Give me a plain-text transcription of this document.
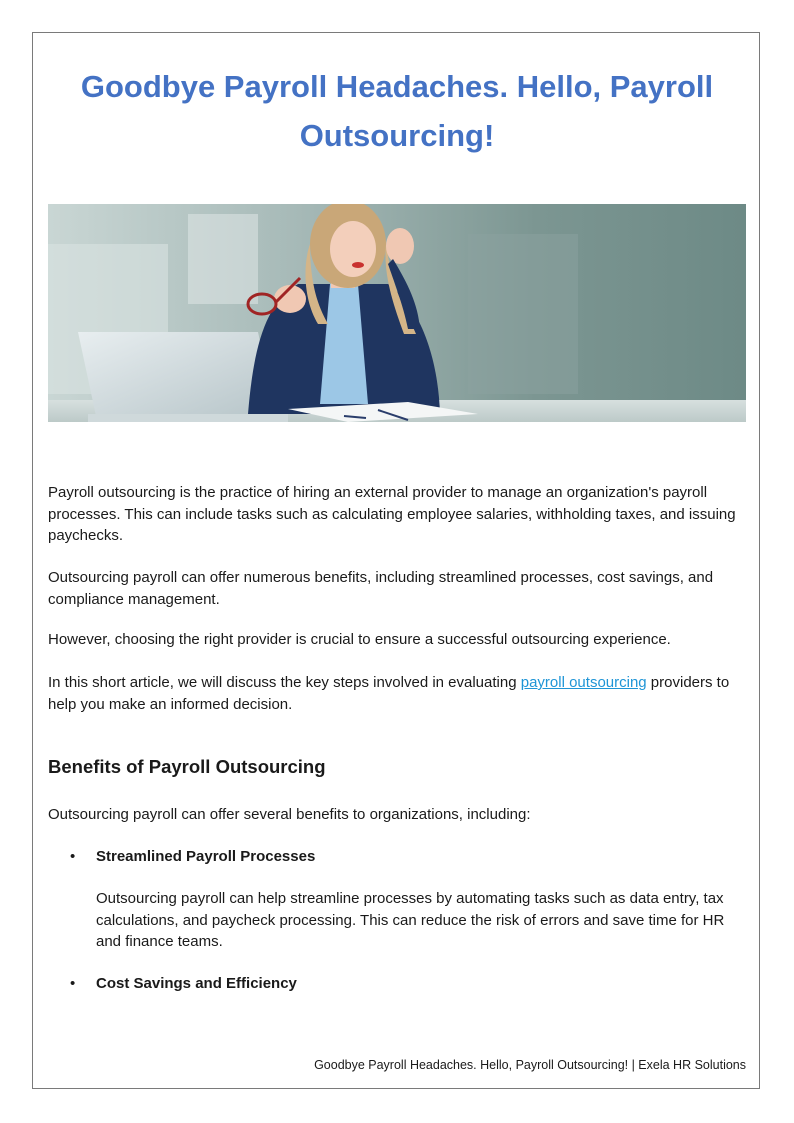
Goodbye Payroll Headaches. Hello, Payroll Outsourcing!

Payroll outsourcing is the practice of hiring an external provider to manage an organization's payroll processes. This can include tasks such as calculating employee salaries, withholding taxes, and issuing paychecks.

Outsourcing payroll can offer numerous benefits, including streamlined processes, cost savings, and compliance management.

However, choosing the right provider is crucial to ensure a successful outsourcing experience.

In this short article, we will discuss the key steps involved in evaluating payroll outsourcing providers to help you make an informed decision.

Benefits of Payroll Outsourcing

Outsourcing payroll can offer several benefits to organizations, including:

• Streamlined Payroll Processes

Outsourcing payroll can help streamline processes by automating tasks such as data entry, tax calculations, and paycheck processing. This can reduce the risk of errors and save time for HR and finance teams.

• Cost Savings and Efficiency

Goodbye Payroll Headaches. Hello, Payroll Outsourcing! | Exela HR Solutions
